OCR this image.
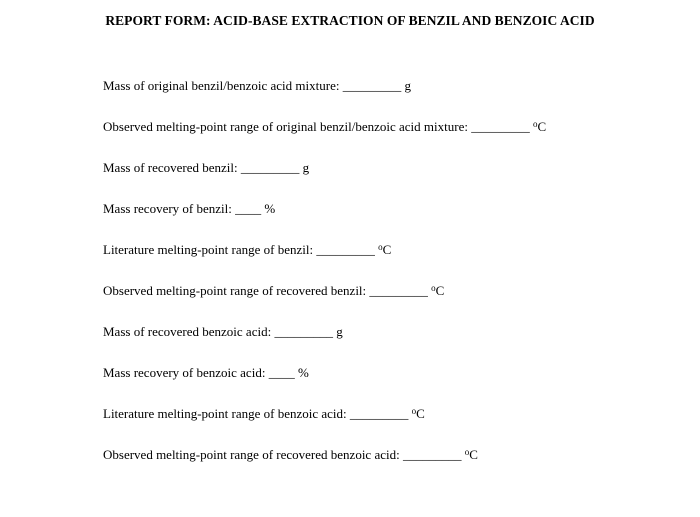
REPORT FORM: ACID-BASE EXTRACTION OF BENZIL AND BENZOIC ACID
Mass of original benzil/benzoic acid mixture: _________ g
Observed melting-point range of original benzil/benzoic acid mixture: _________ $^o$C
Mass of recovered benzil: _________ g
Mass recovery of benzil: ____ %
Literature melting-point range of benzil: _________ $^o$C
Observed melting-point range of recovered benzil: _________ $^o$C
Mass of recovered benzoic acid: _________ g
Mass recovery of benzoic acid: ____ %
Literature melting-point range of benzoic acid: _________ $^o$C
Observed melting-point range of recovered benzoic acid: _________ $^o$C
